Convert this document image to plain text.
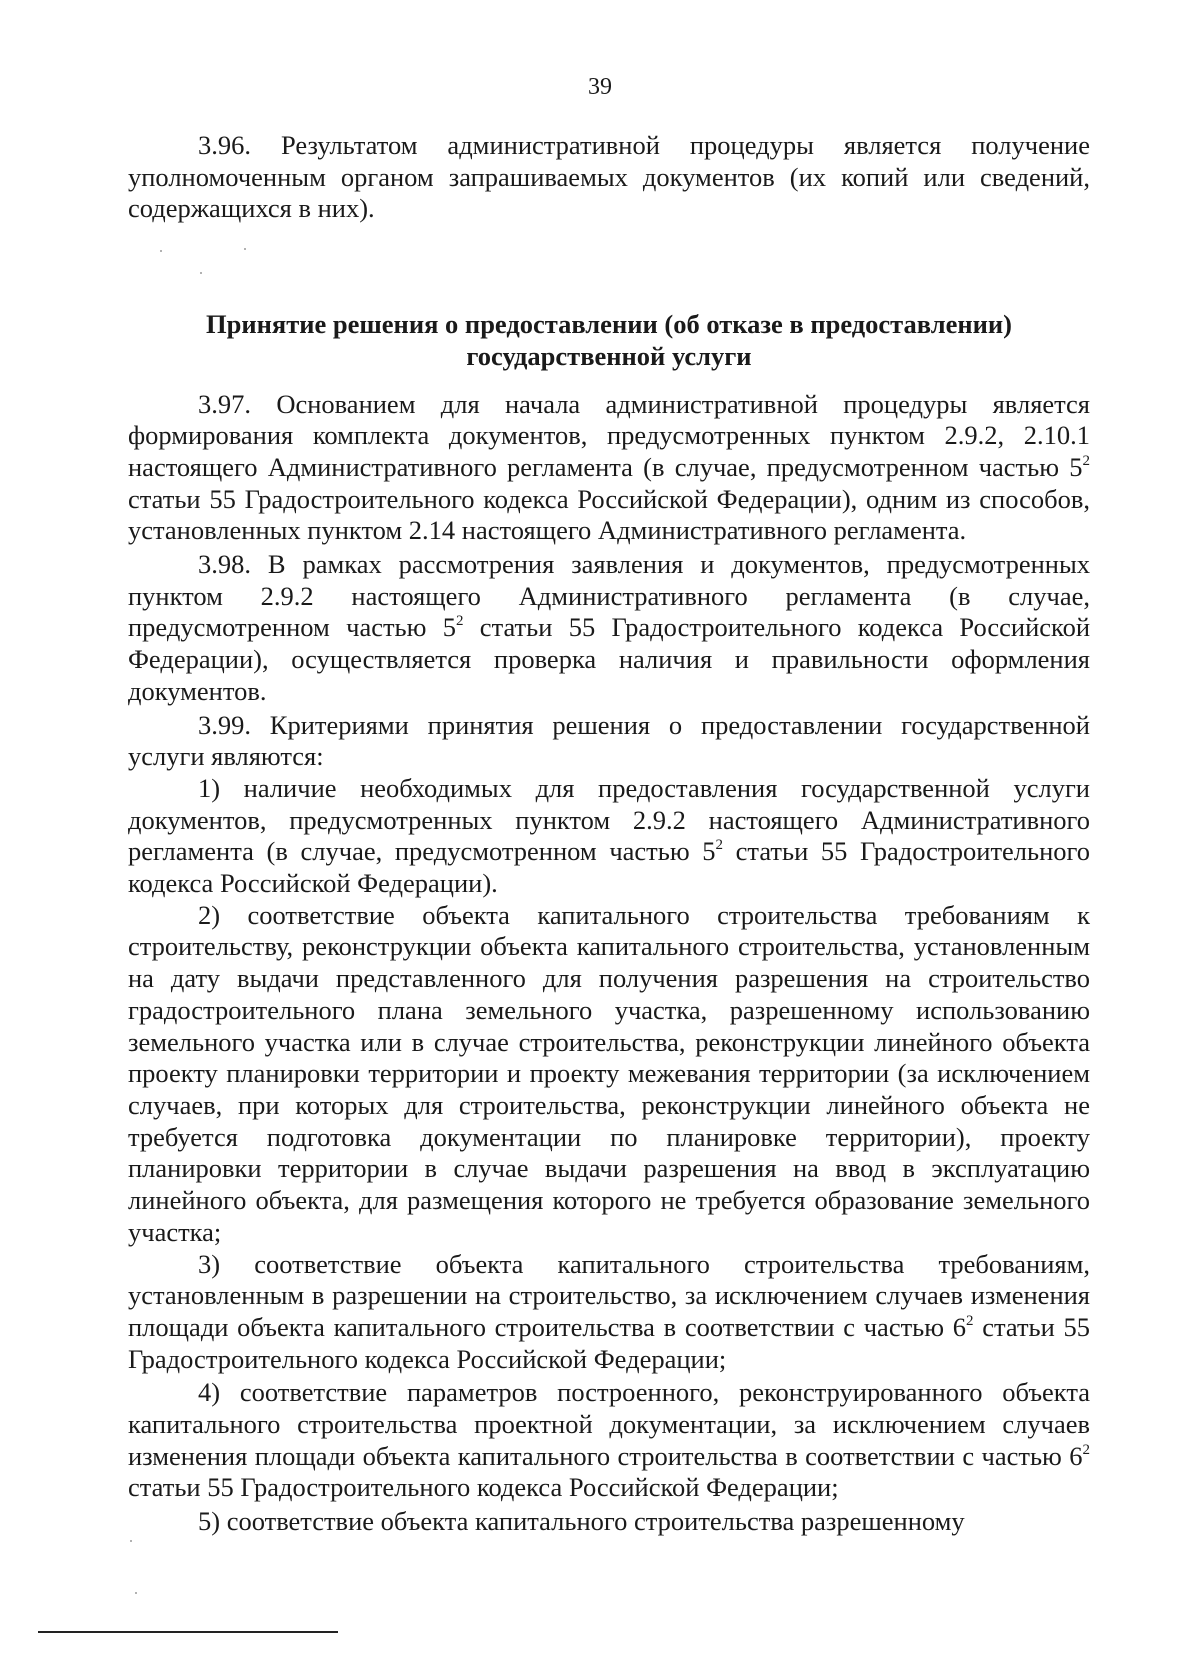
39

3.96. Результатом административной процедуры является получение уполномоченным органом запрашиваемых документов (их копий или сведений, содержащихся в них).

Принятие решения о предоставлении (об отказе в предоставлении)
государственной услуги

3.97. Основанием для начала административной процедуры является формирования комплекта документов, предусмотренных пунктом 2.9.2, 2.10.1 настоящего Административного регламента (в случае, предусмотренном частью $5^2$ статьи 55 Градостроительного кодекса Российской Федерации), одним из способов, установленных пунктом 2.14 настоящего Административного регламента.

3.98. В рамках рассмотрения заявления и документов, предусмотренных пунктом 2.9.2 настоящего Административного регламента (в случае, предусмотренном частью $5^2$ статьи 55 Градостроительного кодекса Российской Федерации), осуществляется проверка наличия и правильности оформления документов.

3.99. Критериями принятия решения о предоставлении государственной услуги являются:

1) наличие необходимых для предоставления государственной услуги документов, предусмотренных пунктом 2.9.2 настоящего Административного регламента (в случае, предусмотренном частью $5^2$ статьи 55 Градостроительного кодекса Российской Федерации).

2) соответствие объекта капитального строительства требованиям к строительству, реконструкции объекта капитального строительства, установленным на дату выдачи представленного для получения разрешения на строительство градостроительного плана земельного участка, разрешенному использованию земельного участка или в случае строительства, реконструкции линейного объекта проекту планировки территории и проекту межевания территории (за исключением случаев, при которых для строительства, реконструкции линейного объекта не требуется подготовка документации по планировке территории), проекту планировки территории в случае выдачи разрешения на ввод в эксплуатацию линейного объекта, для размещения которого не требуется образование земельного участка;

3) соответствие объекта капитального строительства требованиям, установленным в разрешении на строительство, за исключением случаев изменения площади объекта капитального строительства в соответствии с частью $6^2$ статьи 55 Градостроительного кодекса Российской Федерации;

4) соответствие параметров построенного, реконструированного объекта капитального строительства проектной документации, за исключением случаев изменения площади объекта капитального строительства в соответствии с частью $6^2$ статьи 55 Градостроительного кодекса Российской Федерации;

5) соответствие объекта капитального строительства разрешенному
